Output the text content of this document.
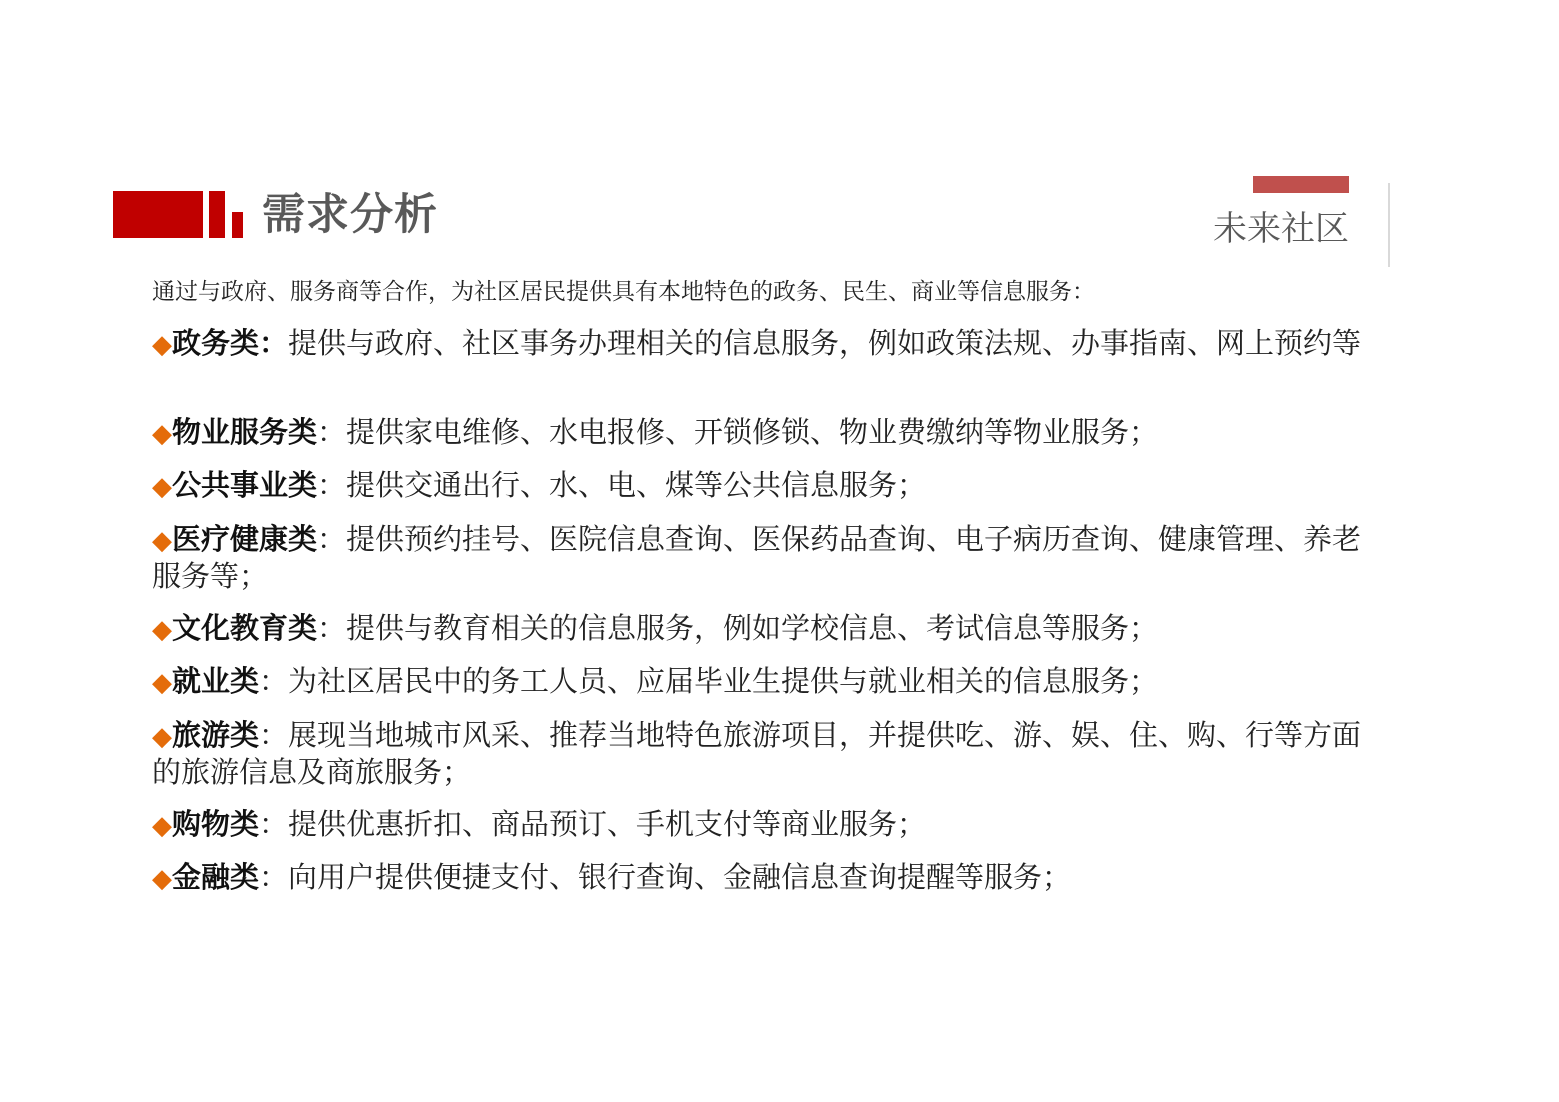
需求分析	未来社区
通过与政府、服务商等合作，为社区居民提供具有本地特色的政务、民生、商业等信息服务：
◆政务类：提供与政府、社区事务办理相关的信息服务，例如政策法规、办事指南、网上预约等
◆物业服务类：提供家电维修、水电报修、开锁修锁、物业费缴纳等物业服务；
◆公共事业类：提供交通出行、水、电、煤等公共信息服务；
◆医疗健康类：提供预约挂号、医院信息查询、医保药品查询、电子病历查询、健康管理、养老服务等；
◆文化教育类：提供与教育相关的信息服务，例如学校信息、考试信息等服务；
◆就业类：为社区居民中的务工人员、应届毕业生提供与就业相关的信息服务；
◆旅游类：展现当地城市风采、推荐当地特色旅游项目，并提供吃、游、娱、住、购、行等方面的旅游信息及商旅服务；
◆购物类：提供优惠折扣、商品预订、手机支付等商业服务；
◆金融类：向用户提供便捷支付、银行查询、金融信息查询提醒等服务；
